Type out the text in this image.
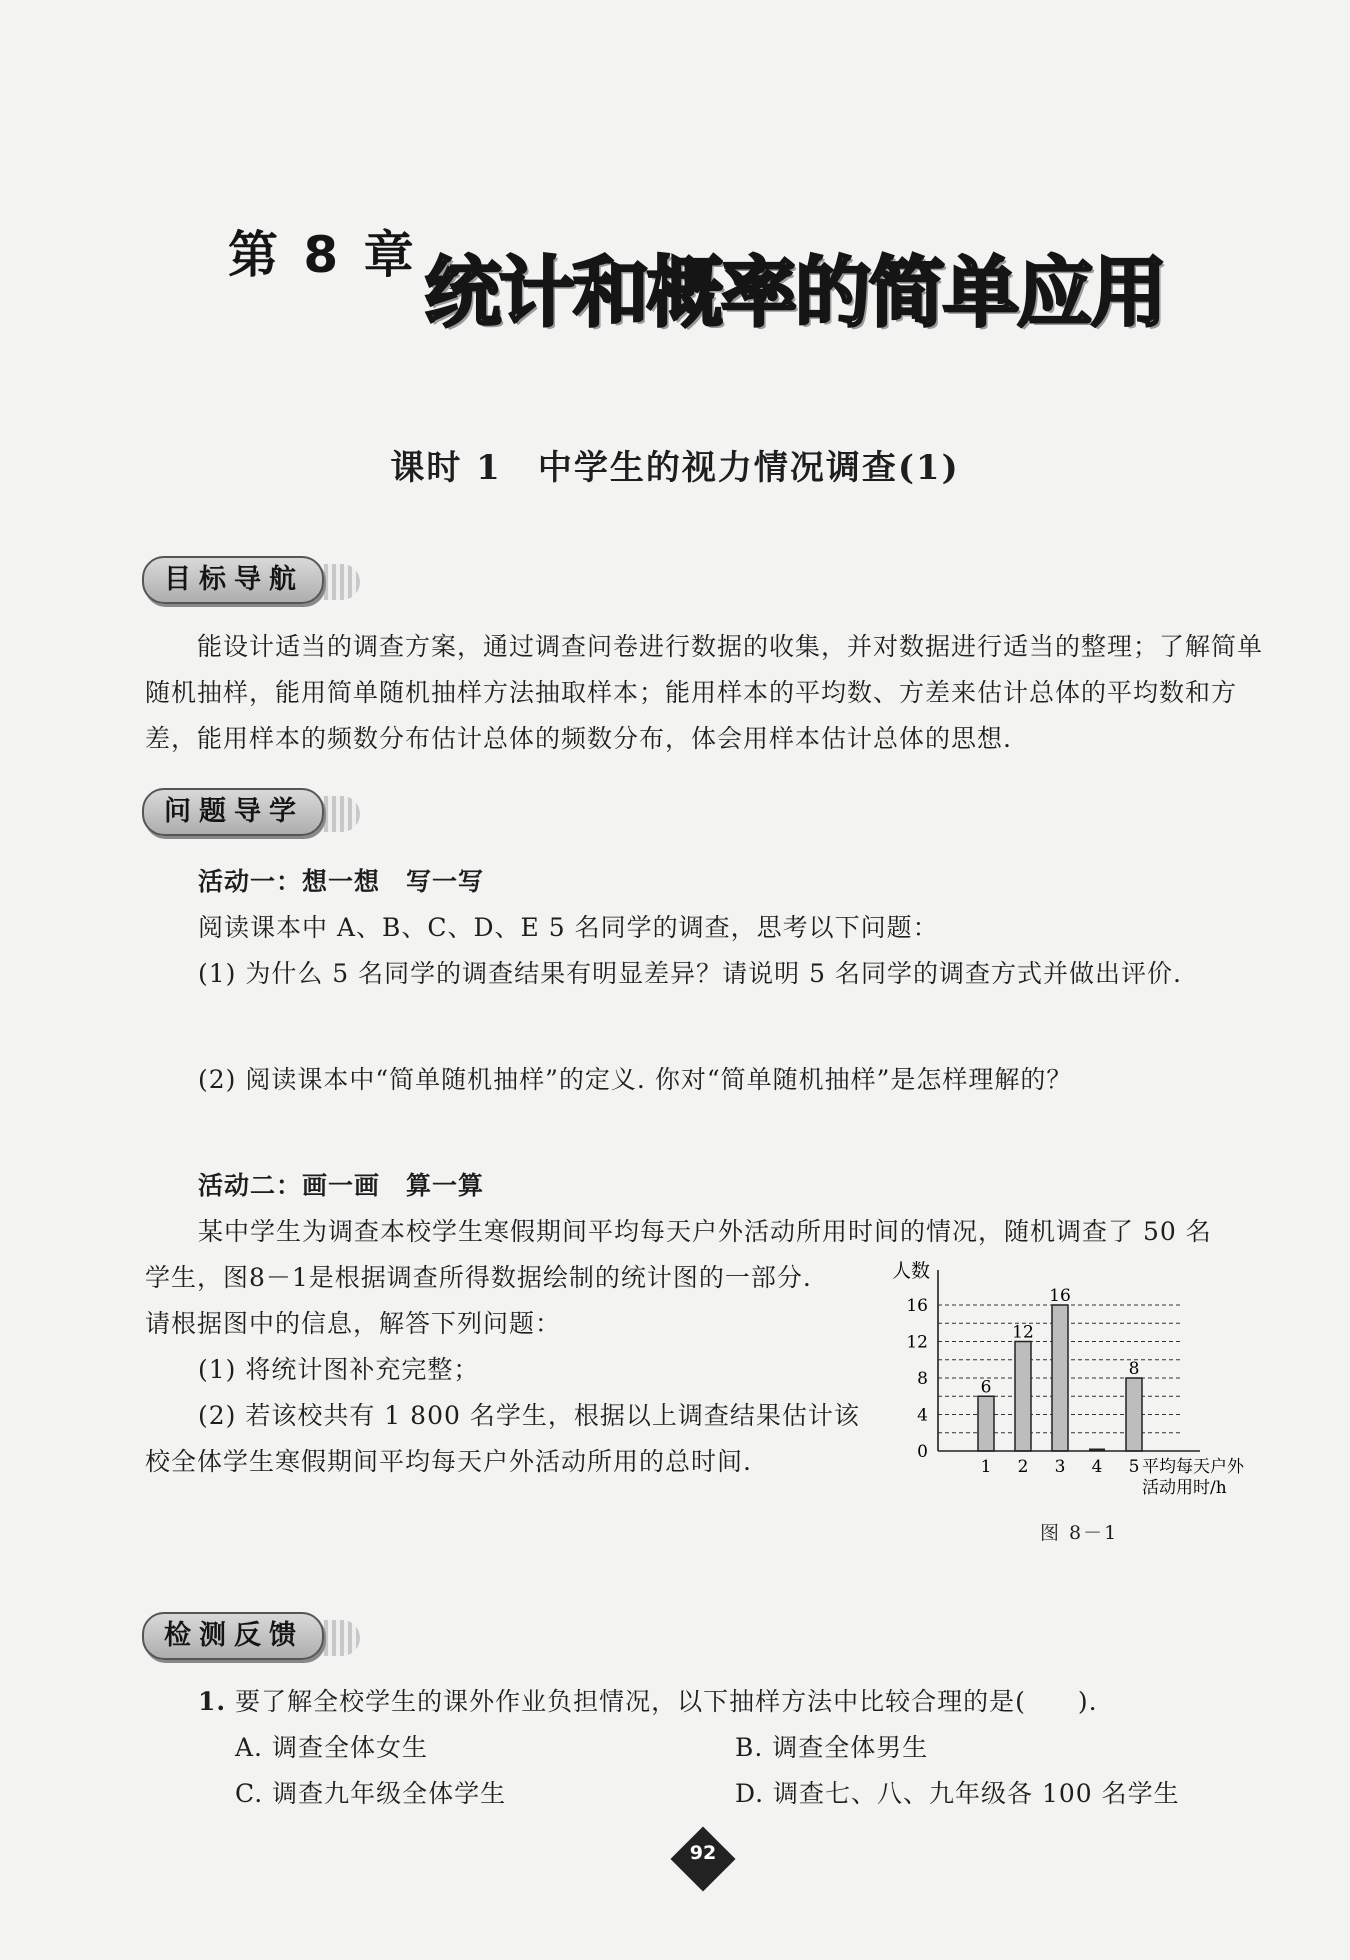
第 8 章 统计和概率的简单应用
课时 1　中学生的视力情况调查(1)
目标导航
能设计适当的调查方案，通过调查问卷进行数据的收集，并对数据进行适当的整理；了解简单随机抽样，能用简单随机抽样方法抽取样本；能用样本的平均数、方差来估计总体的平均数和方差，能用样本的频数分布估计总体的频数分布，体会用样本估计总体的思想.
问题导学
活动一：想一想　写一写
阅读课本中 A、B、C、D、E 5 名同学的调查，思考以下问题：
(1) 为什么 5 名同学的调查结果有明显差异？请说明 5 名同学的调查方式并做出评价.
(2) 阅读课本中“简单随机抽样”的定义. 你对“简单随机抽样”是怎样理解的？
活动二：画一画　算一算
某中学生为调查本校学生寒假期间平均每天户外活动所用时间的情况，随机调查了 50 名
学生，图8－1是根据调查所得数据绘制的统计图的一部分.
请根据图中的信息，解答下列问题：
(1) 将统计图补充完整；
(2) 若该校共有 1 800 名学生，根据以上调查结果估计该
校全体学生寒假期间平均每天户外活动所用的总时间.
人数
0
4
8
12
16
6
1
12
2
16
3 4
8
5 平均每天户外
活动用时/h
图 8－1
检测反馈
1. 要了解全校学生的课外作业负担情况，以下抽样方法中比较合理的是(　　).
A. 调查全体女生	B. 调查全体男生
C. 调查九年级全体学生	D. 调查七、八、九年级各 100 名学生
92
